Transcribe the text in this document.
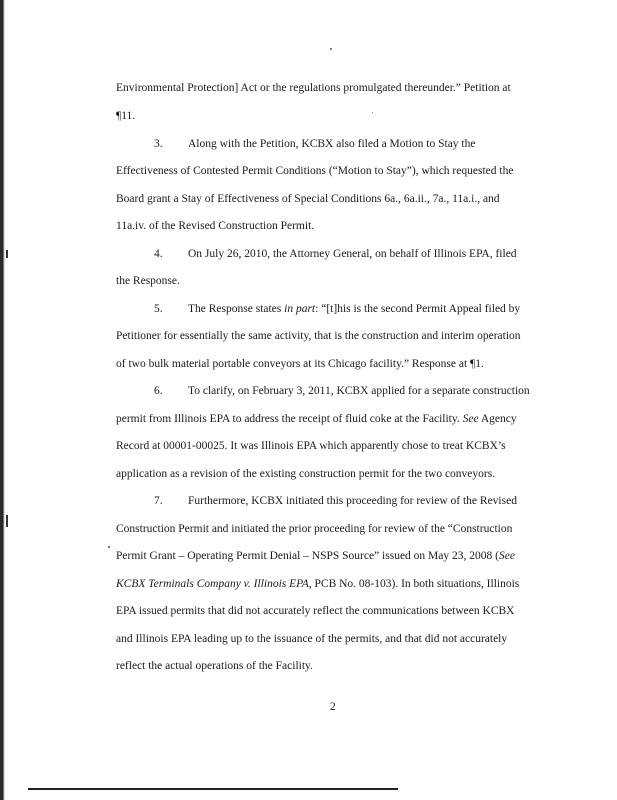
Environmental Protection] Act or the regulations promulgated thereunder.” Petition at
¶11.
3. Along with the Petition, KCBX also filed a Motion to Stay the
Effectiveness of Contested Permit Conditions (“Motion to Stay”), which requested the
Board grant a Stay of Effectiveness of Special Conditions 6a., 6a.ii., 7a., 11a.i., and
11a.iv. of the Revised Construction Permit.
4. On July 26, 2010, the Attorney General, on behalf of Illinois EPA, filed
the Response.
5. The Response states in part: “[t]his is the second Permit Appeal filed by
Petitioner for essentially the same activity, that is the construction and interim operation
of two bulk material portable conveyors at its Chicago facility.” Response at ¶1.
6. To clarify, on February 3, 2011, KCBX applied for a separate construction
permit from Illinois EPA to address the receipt of fluid coke at the Facility. See Agency
Record at 00001-00025. It was Illinois EPA which apparently chose to treat KCBX’s
application as a revision of the existing construction permit for the two conveyors.
7. Furthermore, KCBX initiated this proceeding for review of the Revised
Construction Permit and initiated the prior proceeding for review of the “Construction
Permit Grant – Operating Permit Denial – NSPS Source” issued on May 23, 2008 (See
KCBX Terminals Company v. Illinois EPA, PCB No. 08-103). In both situations, Illinois
EPA issued permits that did not accurately reflect the communications between KCBX
and Illinois EPA leading up to the issuance of the permits, and that did not accurately
reflect the actual operations of the Facility.
2
